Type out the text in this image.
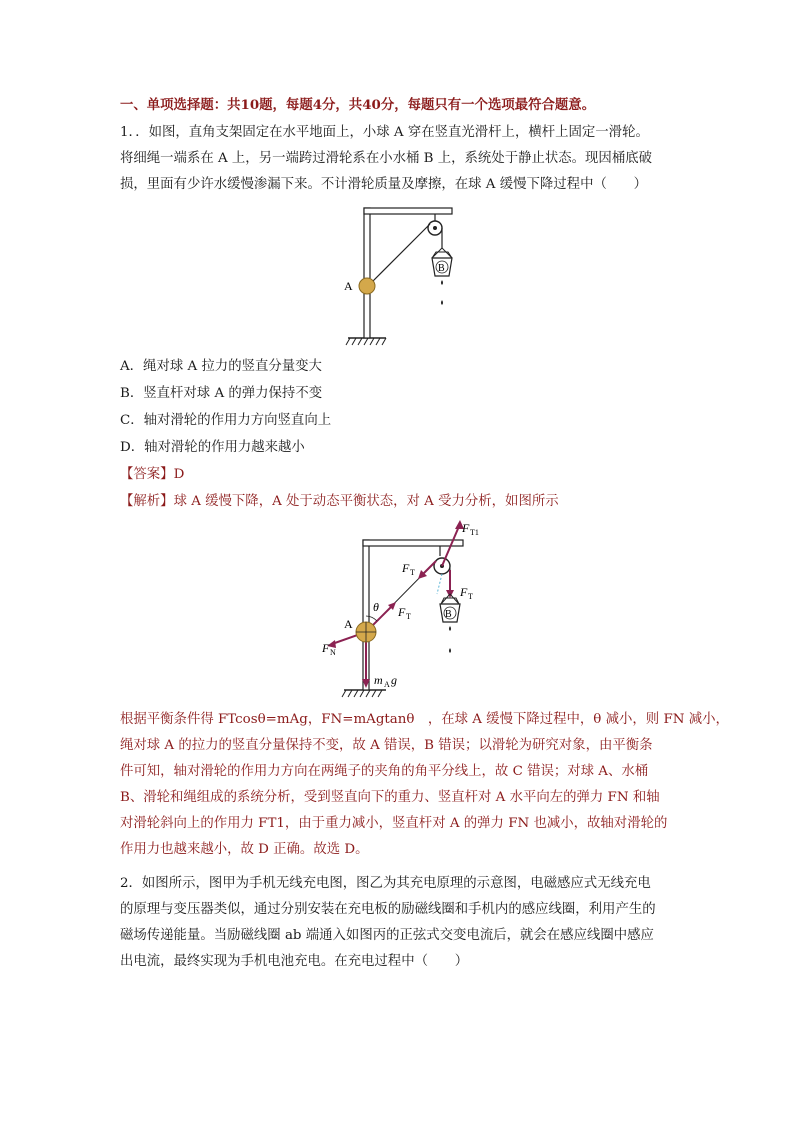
一、单项选择题：共10题，每题4分，共40分，每题只有一个选项最符合题意。
1．．如图，直角支架固定在水平地面上，小球 A 穿在竖直光滑杆上，横杆上固定一滑轮。
将细绳一端系在 A 上，另一端跨过滑轮系在小水桶 B 上，系统处于静止状态。现因桶底破
损，里面有少许水缓慢渗漏下来。不计滑轮质量及摩擦，在球 A 缓慢下降过程中（　　）
A
B
A．绳对球 A 拉力的竖直分量变大
B．竖直杆对球 A 的弹力保持不变
C．轴对滑轮的作用力方向竖直向上
D．轴对滑轮的作用力越来越小
【答案】D
【解析】球 A 缓慢下降，A 处于动态平衡状态，对 A 受力分析，如图所示
F T1
F T
F T
F T
θ
A
F N
B
m A g
根据平衡条件得 FTcosθ=mAg，FN=mAgtanθ　，在球 A 缓慢下降过程中，θ 减小，则 FN 减小，
绳对球 A 的拉力的竖直分量保持不变，故 A 错误，B 错误；以滑轮为研究对象，由平衡条
件可知，轴对滑轮的作用力方向在两绳子的夹角的角平分线上，故 C 错误；对球 A、水桶
B、滑轮和绳组成的系统分析，受到竖直向下的重力、竖直杆对 A 水平向左的弹力 FN 和轴
对滑轮斜向上的作用力 FT1，由于重力减小，竖直杆对 A 的弹力 FN 也减小，故轴对滑轮的
作用力也越来越小，故 D 正确。故选 D。
2．如图所示，图甲为手机无线充电图，图乙为其充电原理的示意图，电磁感应式无线充电
的原理与变压器类似，通过分别安装在充电板的励磁线圈和手机内的感应线圈，利用产生的
磁场传递能量。当励磁线圈 ab 端通入如图丙的正弦式交变电流后，就会在感应线圈中感应
出电流，最终实现为手机电池充电。在充电过程中（　　）
